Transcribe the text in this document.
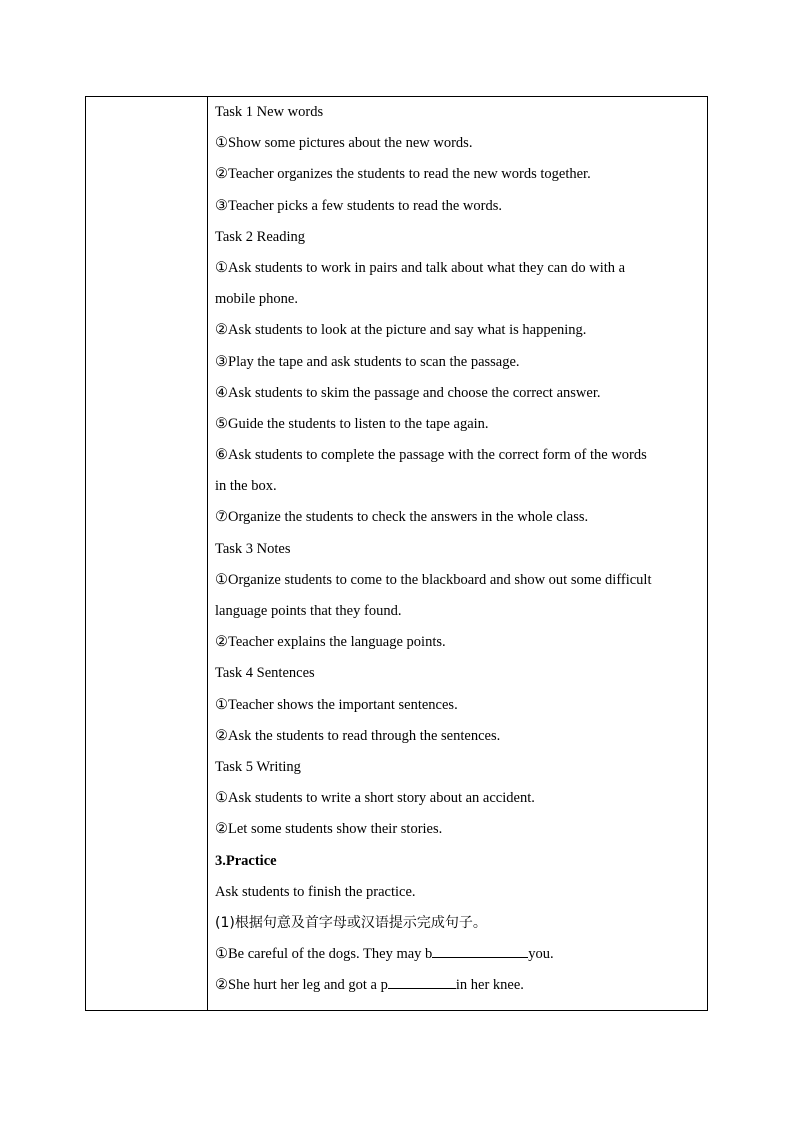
Task 1 New words
①Show some pictures about the new words.
②Teacher organizes the students to read the new words together.
③Teacher picks a few students to read the words.
Task 2 Reading
①Ask students to work in pairs and talk about what they can do with a
mobile phone.
②Ask students to look at the picture and say what is happening.
③Play the tape and ask students to scan the passage.
④Ask students to skim the passage and choose the correct answer.
⑤Guide the students to listen to the tape again.
⑥Ask students to complete the passage with the correct form of the words
in the box.
⑦Organize the students to check the answers in the whole class.
Task 3 Notes
①Organize students to come to the blackboard and show out some difficult
language points that they found.
②Teacher explains the language points.
Task 4 Sentences
①Teacher shows the important sentences.
②Ask the students to read through the sentences.
Task 5 Writing
①Ask students to write a short story about an accident.
②Let some students show their stories.
3.Practice
Ask students to finish the practice.
(1)根据句意及首字母或汉语提示完成句子。
①Be careful of the dogs. They may b	you.
②She hurt her leg and got a p	in her knee.
